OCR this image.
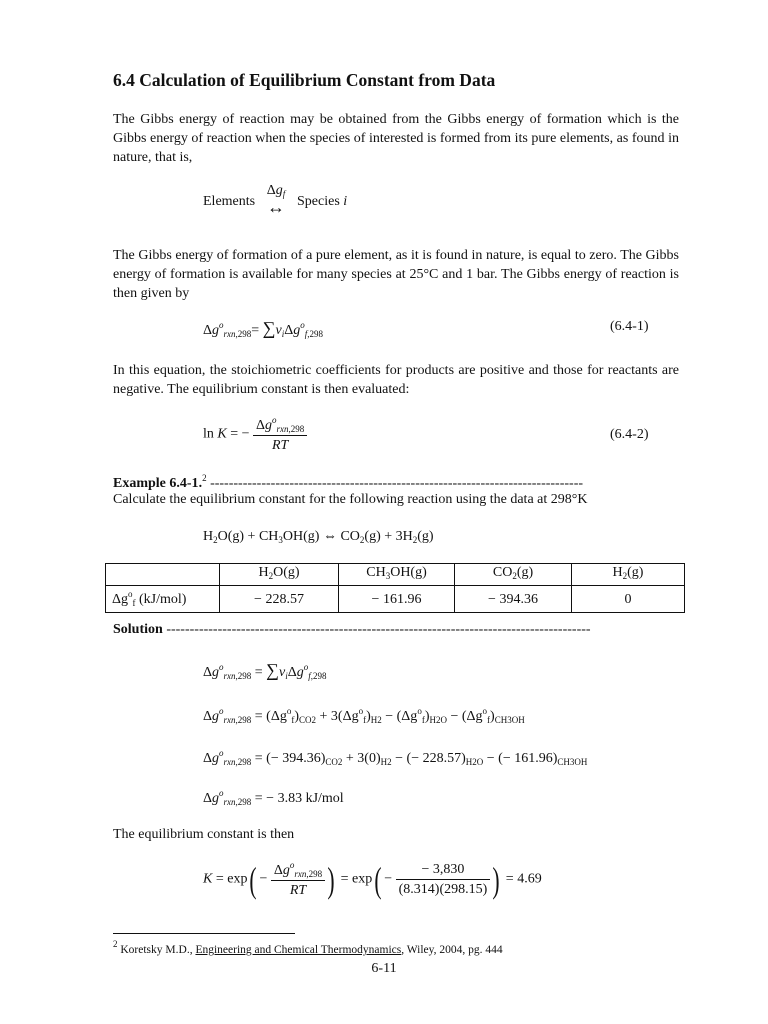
6.4 Calculation of Equilibrium Constant from Data

The Gibbs energy of reaction may be obtained from the Gibbs energy of formation which is the Gibbs energy of reaction when the species of interested is formed from its pure elements, as found in nature, that is,

Elements
$\Delta g_f$
↔ Species i

The Gibbs energy of formation of a pure element, as it is found in nature, is equal to zero. The Gibbs energy of formation is available for many species at 25°C and 1 bar. The Gibbs energy of reaction is then given by

$\Delta g^o_{rxn,298}= \sum\nu_i\Delta g^o_{f,298}$	(6.4-1)

In this equation, the stoichiometric coefficients for products are positive and those for reactants are negative. The equilibrium constant is then evaluated:

ln K = − $\frac{\Delta g^o_{rxn,298}}{RT}$	(6.4-2)
Example 6.4-1.$^2$ --------------------------------------------------------------------------------
Calculate the equilibrium constant for the following reaction using the data at 298°K
$H_2O(g) + CH_3OH(g)$ ⇔ $CO_2(g) + 3H_2(g)$
	$H_2O(g)$	$CH_3OH(g)$	$CO_2(g)$	$H_2(g)$
$\Delta g^o_f$ (kJ/mol)	− 228.57	− 161.96	− 394.36	0
Solution -------------------------------------------------------------------------------------------
$\Delta g^o_{rxn,298} = \sum\nu_i\Delta g^o_{f,298}$
$\Delta g^o_{rxn,298} = (\Delta g^o_f)_{CO2} + 3(\Delta g^o_f)_{H2} - (\Delta g^o_f)_{H2O} - (\Delta g^o_f)_{CH3OH}$
$\Delta g^o_{rxn,298}$ = (− $394.36)_{CO2} + 3(0)_{H2}$ − (− $228.57)_{H2O}$ − (− $161.96)_{CH3OH}$
$\Delta g^o_{rxn,298}$ = − 3.83 kJ/mol

The equilibrium constant is then

$K = \exp( - \frac{\Delta g^o_{rxn,298}}{RT}$ ) = $\exp( - \frac{- 3,830}{(8.314)(298.15)}$ ) = 4.69
$^2$ Koretsky M.D., Engineering and Chemical Thermodynamics, Wiley, 2004, pg. 444
6-11
